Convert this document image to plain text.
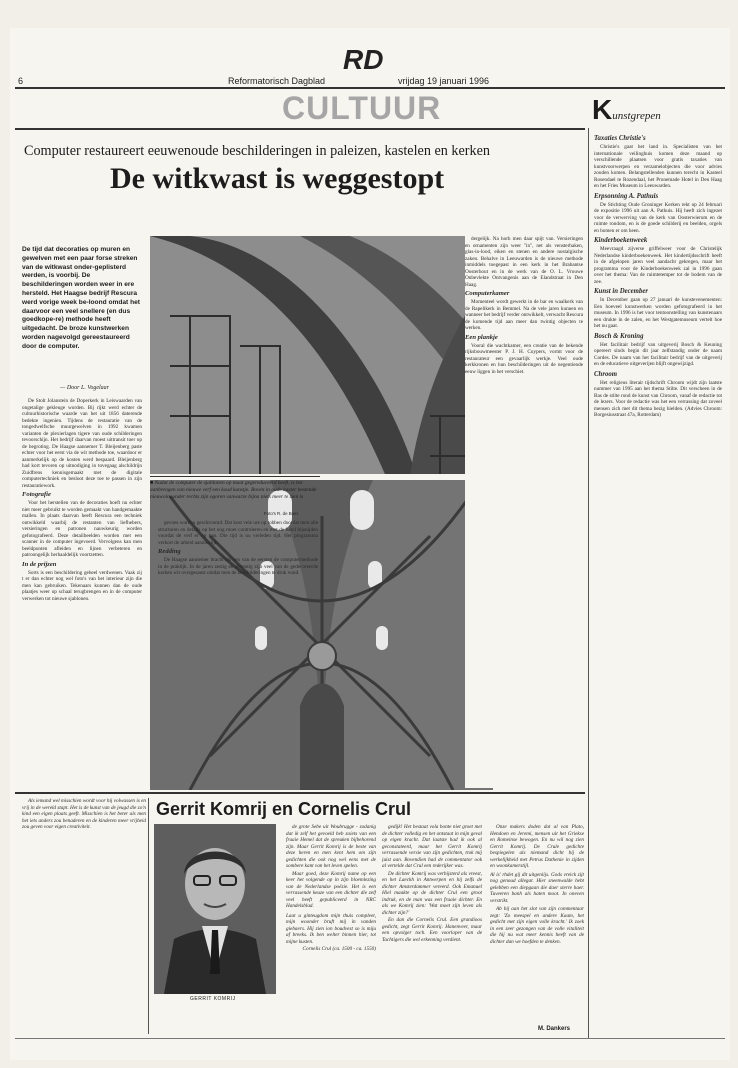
RD
6	Reformatorisch Dagblad	vrijdag 19 januari 1996
CULTUUR	Kunstgrepen
Computer restaureert eeuwenoude beschilderingen in paleizen, kastelen en kerken
De witkwast is weggestopt
De tijd dat decoraties op muren en gewelven met een paar forse streken van de witkwast onder-geplisterd werden, is voorbij. De beschilderingen worden weer in ere hersteld. Het Haagse bedrijf Rescura werd vorige week be-loond omdat het daarvoor een veel snellere (en dus goedkope-re) methode heeft uitgedacht. De broze kunstwerken worden nagevolgd gereestaureerd door de computer.
— Door L. Vogelaar
■ Nadat de computer de sjablonen op maat gegereduceerd heeft, is het aanbrengen van nieuwe verf een koud kunstje. Boven in oude kaster bestende nieuwoin, onder rechts zijn ogoren vanwarze bijna niets meer te zien is
Foto's R. de Boer

De Stolt Jolanstein de Doperkerk in Leiswaarden van ongetalige gekleuge worden. Bij rijkt werd echter de cultuurhistorische waarde van het uit 1856 daterende bedekte ingenien. Tijdens de restauratie van de tongedwelfsche muurgewelven in 1992 kwamen varianten de plexierlagen tigere van oude schilderingen tevoorschijn. Het bedrijf daarvan moest uittransit toer op de begroting. De Haagse aannemer T. Bleijenberg paste echter voor het eerst via de wit methode toe, waardoor er aanmerkelijk op de kosten werd bespaard. Bleijenberg had kort tevoren op uitnodiging in tovegaag alschildrijn Zuidfrens kennisgemaakt met de digitale computertechniek en besloot deze toe te passen in zijn restauratiework.

Fotografie

Voor het herstellen van de decoraties hoeft nu echter niet meer gebruikt te worden gemaakt van handgemaakte mallen. In plaats daarvan heeft Rescura een techniek ontwikkeld waarbij de restanten van liefhebers, versieringen en patronen nauwkeurig worden gefotografeerd. Deze detailbeelden worden met een scanner in de computer ingevoerd. Vervolgens kan men beeldpunten afleiden en lijnen verbeteren en patroongelijk herhaaldelijk voortzetten.

In de prijzen

Sorts is een beschildering geheel verdwenen. Vaak zij t er dan echter nog wel foto's van het interieur zijn die men kan gebruiken. Tekenaars kunnen dan de oude plaatjes weer op schaal terugbrengen en in de computer verwerken tot nieuwe sjablonen.

gevoes worden geschroomd. Dat kost vele ure op tobben doordat men alle structuren en details op het oog moet controleren en met de hand bijsnijden voordat de verf er op kan. Die tijd is nu verleden tijd. Het programma verkort de arbeid aanzienlijk.

Redding

De Haagse aannemer bracht als een van de eersten de computermethode in de praktijk. In de jaren zestig en zeventig zijn veel van de gedecoreerde kerken wit overgesaust omdat men de beschilderingen te druk vond.

dergelijk. Na horh men daar spijt van. Versieringen en ornamenten zijn weer "in", net als vensterhaken, glas-in-lood, eiken en stenen en andere nostalgische zaken. Behalve in Leeuwarden is de nieuwe methode inmiddels toegepast in een kerk in het Brabantse Oosterhout en in de werk van de O. L. Vrouwe Onbevlekte Ontvangenis aan de Elandstraat in Den Haag.

Computerkamer

Momenteel wordt gewerkt in de bar en waalkerk van de Rapelikerk in Bemmel. Na de vele jaren kunnen en wanneer het bedrijf verder ontwikkelt, verwacht Rescura de komende tijd aan meer dan twintig objecten te werken.

Een plankje

Vooral die wachtkamer, een creatie van de bekende rijksbouwmeester P. J. H. Cuypers, vormt voor de restaurateur een gevaarlijk werkje. Veel oude kerkkronen en hun beschilderingen uit de negentiende eeuw liggen in het verschiet.

Taxaties Christie's

Christie's gaat het land in. Specialisten van het internationale veilinghuis komen deze maand op verschillende plaatsen voor gratis taxaties van kunstvoorwerpen en verzamelobjecten die voor advies zouden komen. Belangstellenden kunnen terecht in Kasteel Rosendael te Rozendaal, het Pronemade Hotel in Den Haag en het Fries Museum in Leeuwarden.

Erpsonning A. Pathuis

De Stichting Oude Groninger Kerken rekt op 24 februari de expositie 1996 uit aan A. Pathuis. Hij heeft zich ingezet voor de verwerving van de kerk van Oosterwierum en de ruimte rondom, en is de goede schilderij en beelden, orgels en bomen er om heen.

Kinderboekenweek

Meevraagd zijverse griffelweer voor de Christelijk Nederlandse kinderboekenweek. Het kindertijdsschrift heeft in de afgelopen jaren veel aandacht gekregen, maar het programma voor de Kinderboekenweek zal in 1996 gaan over het thema: Van de ruimtetemper tot de bodem van de zee.

Kunst in December

In December gaan op 27 januari de kunstevenementen: Een hoeveel kunstwerken worden gefotografeerd in het museum. In 1996 is het voor tentoonstelling van kunstenaars een drukte in de zalen, en het Westgatemuseum vertelt hoe het nu gaat.

Bosch & Kroning

Het facilitair bedrijf van uitgeverij Bosch & Keuning opereert sinds begin dit jaar zelfstandig onder de naam Cordes. De naam van het facilitair bedrijf van de uitgeverij en de educatieve uitgeverijen blijft ongewijzigd.

Chroom

Het religieus literair tijdschrift Chroom wijdt zijn laatste nummer van 1995 aan het thema Stilte. Dit verscheen in de Bas de stilte rond de kunst van Chroom, vanaf de redactie tot de lezers. Voor de redactie was het een verrassing dat zoveel mensen zich met dit thema bezig hielden. (Advies Chroom: Borgesiusstraat 47a, Rotterdam)

Als iemand wel misschien wordt voor hij volwassen is en vrij in de wereld stapt. Het is de kunst van de jeugd die zo'n kind een eigen plaats geeft. Misschien is het beter als men het iets anders zou benaderen en de kinderen meer vrijheid zou geven voor eigen creativiteit.

Gerrit Komrij en Cornelis Crul
GERRIT KOMRIJ

de grote Sebe uit Woubrugge - zodanig dat ik zelf het gevoeld heb zoiets van een fraaie Hemel dat de spreuken bijbehorend zijn. Maar Gerrit Komrij is de beste van deze heren en men kent hem om zijn gedichten die ook nog wel eens met de sombere kant van het leven spelen.

Maar goed, deze Komrij name op een keer het volgende op in zijn bloemlezing van de Nederlandse poëzie. Het is een verrassende keuze van een dichter die zelf veel heeft gepubliceerd in NRC Handelsblad.

Laat u ginteugdom mijn thuis compleet, mijn woonder bruft mij in vanden giebaers. Hij zien ion boudvest so is miju af breeks. Ik ben welter binnen hier, tot mijne kusten.

Cornelis Crul (ca. 1500 - ca. 1550)

gedijk! Het bestaat vola bonte niet groet met de dichter volledig en het ontstaat in mijn geval op eigen kracht. Dat laatste had ik ook al geconstateerd, maar het Gerrit Komrij verrassende versie van zijn gedichten, trok mij juist aan. Bovendien had de commentator ook al vertelde dat Crul een rederijker was.

De dichter Komrij was verbijsterd als vreest, en het Laeckh in Antwerpen en hij zelfs de dichter Amsterdammer vereerd. Ook Emanuel Hiel maakte op de dichter Crul een groot indruk, en de man was een fraaie dichter. En als we Komrij zien: 'Wat moet zijn leven als dichter zijn?'

En dan die Cornelis Crul. Een grandioos gedicht, zegt Gerrit Komrij. Hanenveer, maar een opvolger toch. Een voorloper van de Tachtigers die wel erkenning verdient.

Onze makers doden dat al van Plato, Hendoen en Jeremi, mensen uit het Griekse en Romeinse bewogen. En nu wil nog zien Gerrit Komrij. De Crule gedichte bespiegelen als niemand dicht bij de werkelijkheid met Petrus Dathenie in zijden en woonkamerstijl.

Al is' rhdet gij dit uitgeniijs. Gods vreick zijt nog genoud allegar. Hier sneenwalde hebt gelebben een diepgaan die daer sterre haer. Tuveeren banh als haten moot. In oneven verstrikt.

Ab bij aan het slot van zijn commentaar zegt: 'Zo meespel en andere Kaam, het gedicht met zijn eigen volle kracht.' Ik zoek in een zeer gezongen van de volle vitaliteit die hij nu wat meer kennis heeft van de dichter dan we hoefden te denken.

M. Dankers
